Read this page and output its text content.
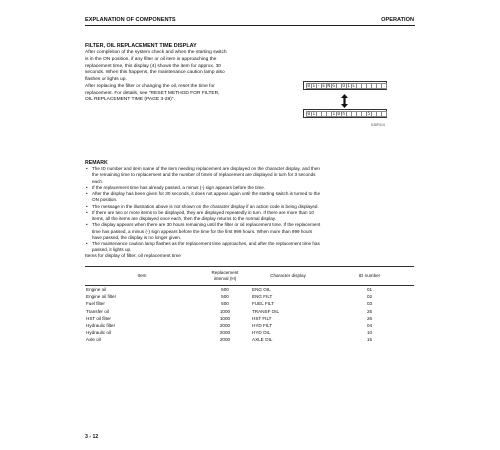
EXPLANATION OF COMPONENTS	OPERATION
FILTER, OIL REPLACEMENT TIME DISPLAY
After completion of the system check and when the starting switch
is in the ON position, if any filter or oil item is approaching the
replacement time, this display (4) shows the item for approx. 30
seconds. When this happens, the maintenance caution lamp also
flashes or lights up.
After replacing the filter or changing the oil, reset the time for
replacement. For details, see "RESET METHOD FOR FILTER,
OIL REPLACEMENT TIME (PAGE 3-28)".
0 1 - E N G O I L
0 1	1 0 h	5
9JDF014
REMARK
• The ID number and item name of the item needing replacement are displayed on the character display, and then
the remaining time to replacement and the number of times of replacement are displayed in turn for 3 seconds
each.
• If the replacement time has already passed, a minus (-) sign appears before the time.
• After the display has been given for 30 seconds, it does not appear again until the starting switch is turned to the
ON position.
• The message in the illustration above is not shown on the character display if an action code is being displayed.
• If there are two or more items to be displayed, they are displayed repeatedly in turn. If there are more than 10
items, all the items are displayed once each, then the display returns to the normal display.
• The display appears when there are 30 hours remaining until the filter or oil replacement time. If the replacement
time has passed, a minus (-) sign appears before the time for the first 999 hours. When more than 999 hours
have passed, the display is no longer given.
• The maintenance caution lamp flashes as the replacement time approaches, and after the replacement time has
passed, it lights up.
Items for display of filter, oil replacement time
Item	Replacement
interval (H)	Character display	ID number
Engine oil	500	ENG OIL	01
Engine oil filter	500	ENG FILT	02
Fuel filter	500	FUEL FILT	03
Transfer oil	1000	TRANSF OIL	25
HST oil filter	1000	HST FILT	26
Hydraulic filter	2000	HYD FILT	04
Hydraulic oil	2000	HYD OIL	10
Axle oil	2000	AXLE OIL	15
3 - 12
